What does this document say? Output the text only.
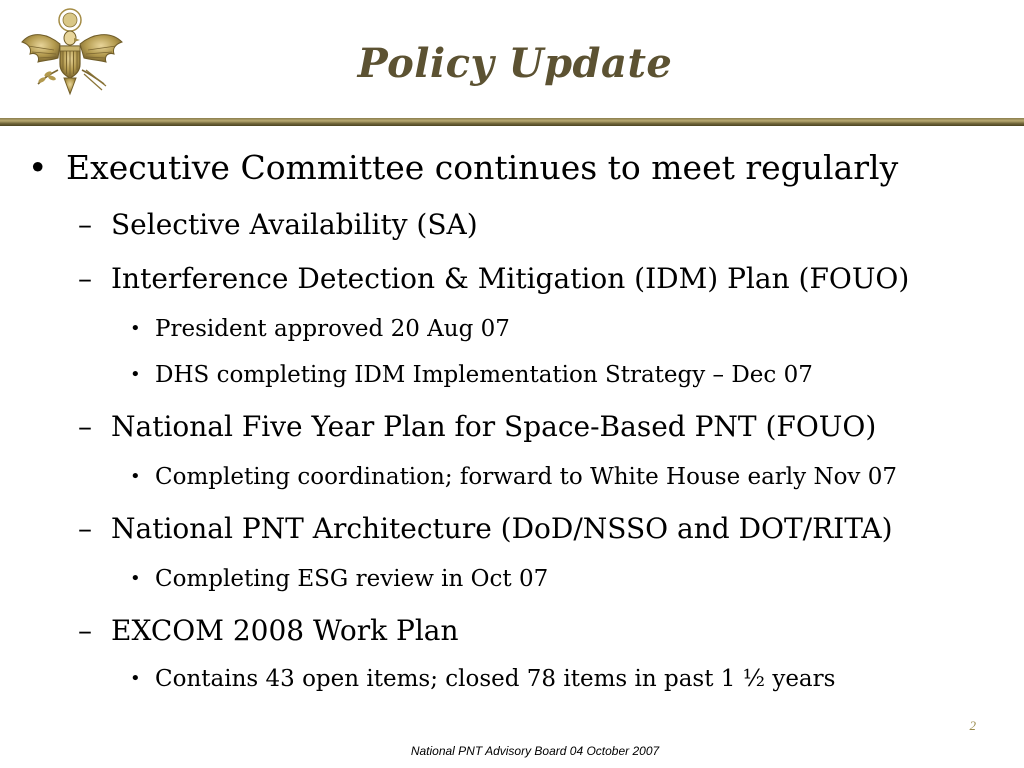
Policy Update
• Executive Committee continues to meet regularly
– Selective Availability (SA)
– Interference Detection & Mitigation (IDM) Plan (FOUO)
• President approved 20 Aug 07
• DHS completing IDM Implementation Strategy – Dec 07
– National Five Year Plan for Space-Based PNT (FOUO)
• Completing coordination; forward to White House early Nov 07
– National PNT Architecture (DoD/NSSO and DOT/RITA)
• Completing ESG review in Oct 07
– EXCOM 2008 Work Plan
• Contains 43 open items; closed 78 items in past 1 ½ years
2
National PNT Advisory Board 04 October 2007
